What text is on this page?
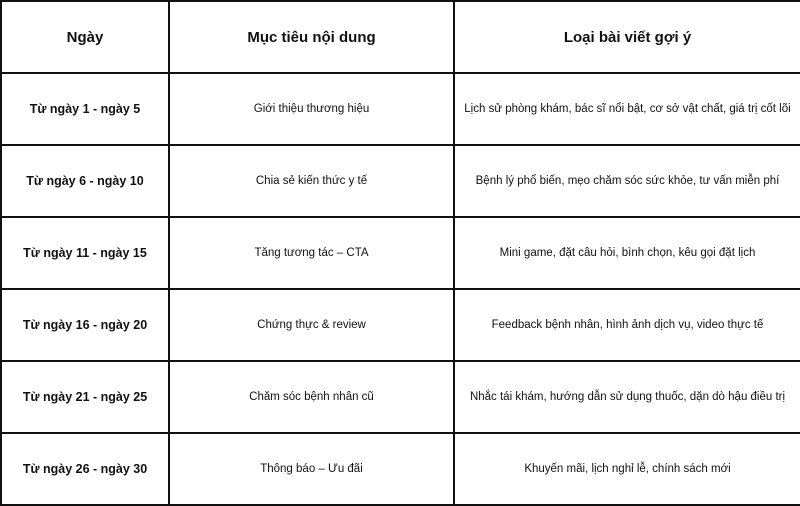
Ngày	Mục tiêu nội dung	Loại bài viết gợi ý
Từ ngày 1 - ngày 5	Giới thiệu thương hiệu	Lịch sử phòng khám, bác sĩ nổi bật, cơ sở vật chất, giá trị cốt lõi
Từ ngày 6 - ngày 10	Chia sẻ kiến thức y tế	Bệnh lý phổ biến, mẹo chăm sóc sức khỏe, tư vấn miễn phí
Từ ngày 11 - ngày 15	Tăng tương tác – CTA	Mini game, đặt câu hỏi, bình chọn, kêu gọi đặt lịch
Từ ngày 16 - ngày 20	Chứng thực & review	Feedback bệnh nhân, hình ảnh dịch vụ, video thực tế
Từ ngày 21 - ngày 25	Chăm sóc bệnh nhân cũ	Nhắc tái khám, hướng dẫn sử dụng thuốc, dặn dò hậu điều trị
Từ ngày 26 - ngày 30	Thông báo – Ưu đãi	Khuyến mãi, lịch nghỉ lễ, chính sách mới
